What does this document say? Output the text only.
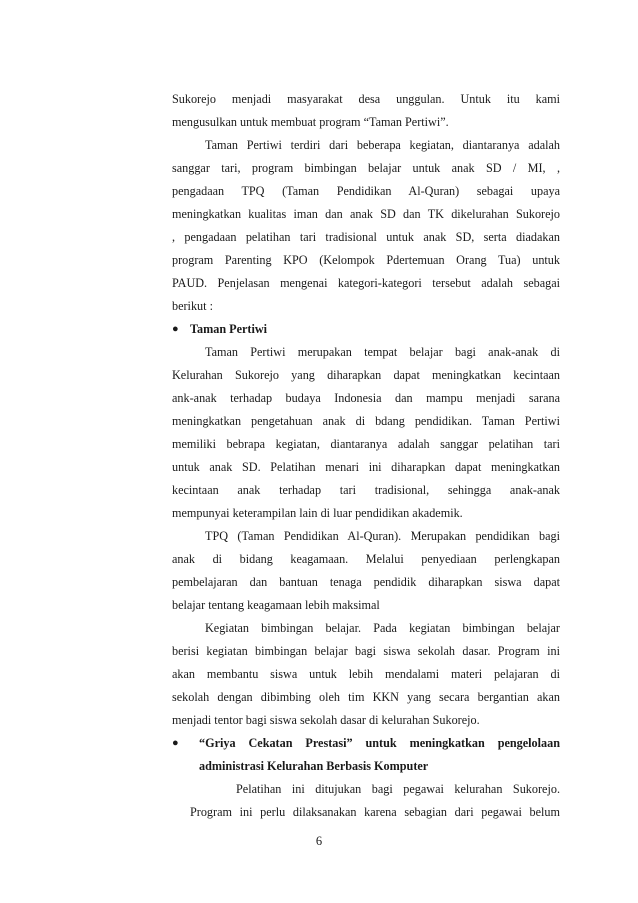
Sukorejo menjadi masyarakat desa unggulan. Untuk itu kami
mengusulkan untuk membuat program “Taman Pertiwi”.
Taman Pertiwi terdiri dari beberapa kegiatan, diantaranya adalah
sanggar tari, program bimbingan belajar untuk anak SD / MI, ,
pengadaan TPQ (Taman Pendidikan Al-Quran) sebagai upaya
meningkatkan kualitas iman dan anak SD dan TK dikelurahan Sukorejo
, pengadaan pelatihan tari tradisional untuk anak SD, serta diadakan
program Parenting KPO (Kelompok Pdertemuan Orang Tua) untuk
PAUD. Penjelasan mengenai kategori-kategori tersebut adalah sebagai
berikut :
● Taman Pertiwi
Taman Pertiwi merupakan tempat belajar bagi anak-anak di
Kelurahan Sukorejo yang diharapkan dapat meningkatkan kecintaan
ank-anak terhadap budaya Indonesia dan mampu menjadi sarana
meningkatkan pengetahuan anak di bdang pendidikan. Taman Pertiwi
memiliki bebrapa kegiatan, diantaranya adalah sanggar pelatihan tari
untuk anak SD. Pelatihan menari ini diharapkan dapat meningkatkan
kecintaan anak terhadap tari tradisional, sehingga anak-anak
mempunyai keterampilan lain di luar pendidikan akademik.
TPQ (Taman Pendidikan Al-Quran). Merupakan pendidikan bagi
anak di bidang keagamaan. Melalui penyediaan perlengkapan
pembelajaran dan bantuan tenaga pendidik diharapkan siswa dapat
belajar tentang keagamaan lebih maksimal
Kegiatan bimbingan belajar. Pada kegiatan bimbingan belajar
berisi kegiatan bimbingan belajar bagi siswa sekolah dasar. Program ini
akan membantu siswa untuk lebih mendalami materi pelajaran di
sekolah dengan dibimbing oleh tim KKN yang secara bergantian akan
menjadi tentor bagi siswa sekolah dasar di kelurahan Sukorejo.
● “Griya Cekatan Prestasi” untuk meningkatkan pengelolaan
administrasi Kelurahan Berbasis Komputer
Pelatihan ini ditujukan bagi pegawai kelurahan Sukorejo.
Program ini perlu dilaksanakan karena sebagian dari pegawai belum
6
